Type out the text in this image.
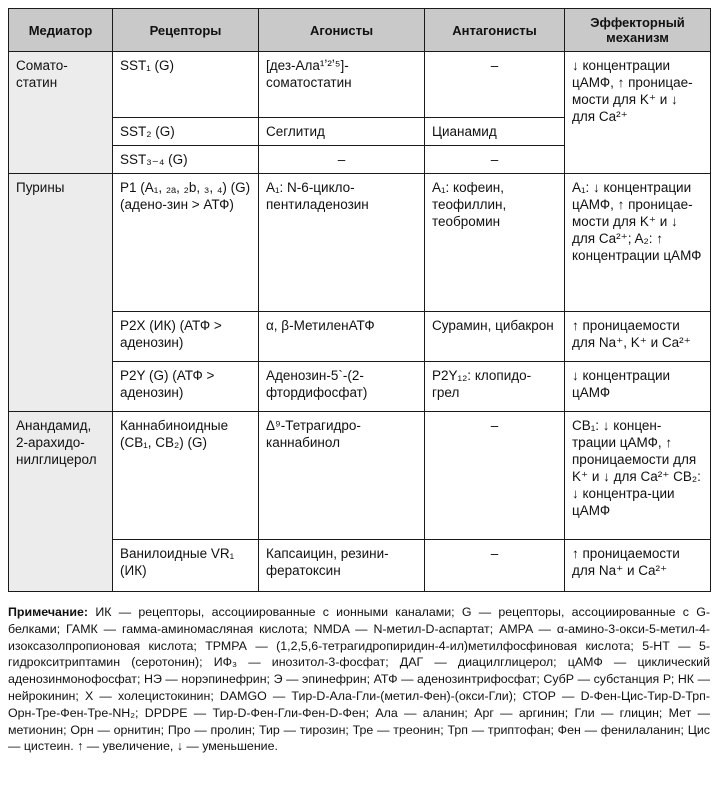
Медиатор	Рецепторы	Агонисты	Антагонисты	Эффекторный механизм
Сомато-статин	SST₁ (G)	[дез-Ала¹ʼ²ʼ⁵]-соматостатин	–	↓ концентрации цАМФ, ↑ проницае-мости для K⁺ и ↓ для Ca²⁺
	SST₂ (G)	Сеглитид	Цианамид	
	SST₃₋₄ (G)	–	–	
Пурины	P1 (A₁, ₂ₐ, ₂b, ₃, ₄) (G) (адено-зин > АТФ)	A₁: N-6-цикло-пентиладенозин	A₁: кофеин, теофиллин, теобромин	A₁: ↓ концентрации цАМФ, ↑ проницае-мости для K⁺ и ↓ для Ca²⁺; A₂: ↑ концентрации цАМФ
	P2X (ИК) (АТФ > аденозин)	α, β-МетиленАТФ	Сурамин, цибакрон	↑ проницаемости для Na⁺, K⁺ и Ca²⁺
	P2Y (G) (АТФ > аденозин)	Аденозин-5`-(2-фтордифосфат)	P2Y₁₂: клопидо-грел	↓ концентрации цАМФ
Анандамид, 2-арахидо-нилглицерол	Каннабиноидные (CB₁, CB₂) (G)	Δ⁹-Тетрагидро-каннабинол	–	CB₁: ↓ концен-трации цАМФ, ↑ проницаемости для K⁺ и ↓ для Ca²⁺ CB₂: ↓ концентра-ции цАМФ
	Ванилоидные VR₁ (ИК)	Капсаицин, резини-фератоксин	–	↑ проницаемости для Na⁺ и Ca²⁺
Примечание: ИК — рецепторы, ассоциированные с ионными каналами; G — рецепторы, ассоциированные с G-белками; ГАМК — гамма-аминомасляная кислота; NMDA — N-метил-D-аспартат; AMPA — α-амино-3-окси-5-метил-4-изоксазолпропионовая кислота; ТРМРА — (1,2,5,6-тетрагидропиридин-4-ил)метилфосфиновая кислота; 5-НТ — 5-гидрокситриптамин (серотонин); ИФ₃ — инозитол-3-фосфат; ДАГ — диацилглицерол; цАМФ — циклический аденозинмонофосфат; НЭ — норэпинефрин; Э — эпинефрин; АТФ — аденозинтрифосфат; СубР — субстанция Р; НК — нейрокинин; Х — холецистокинин; DAMGO — Тир-D-Ала-Гли-(метил-Фен)-(окси-Гли); СТОР — D-Фен-Цис-Тир-D-Трп-Орн-Тре-Фен-Тре-NH₂; DPDPE — Тир-D-Фен-Гли-Фен-D-Фен; Ала — аланин; Арг — аргинин; Гли — глицин; Мет — метионин; Орн — орнитин; Про — пролин; Тир — тирозин; Тре — треонин; Трп — триптофан; Фен — фенилаланин; Цис — цистеин. ↑ — увеличение, ↓ — уменьшение.
